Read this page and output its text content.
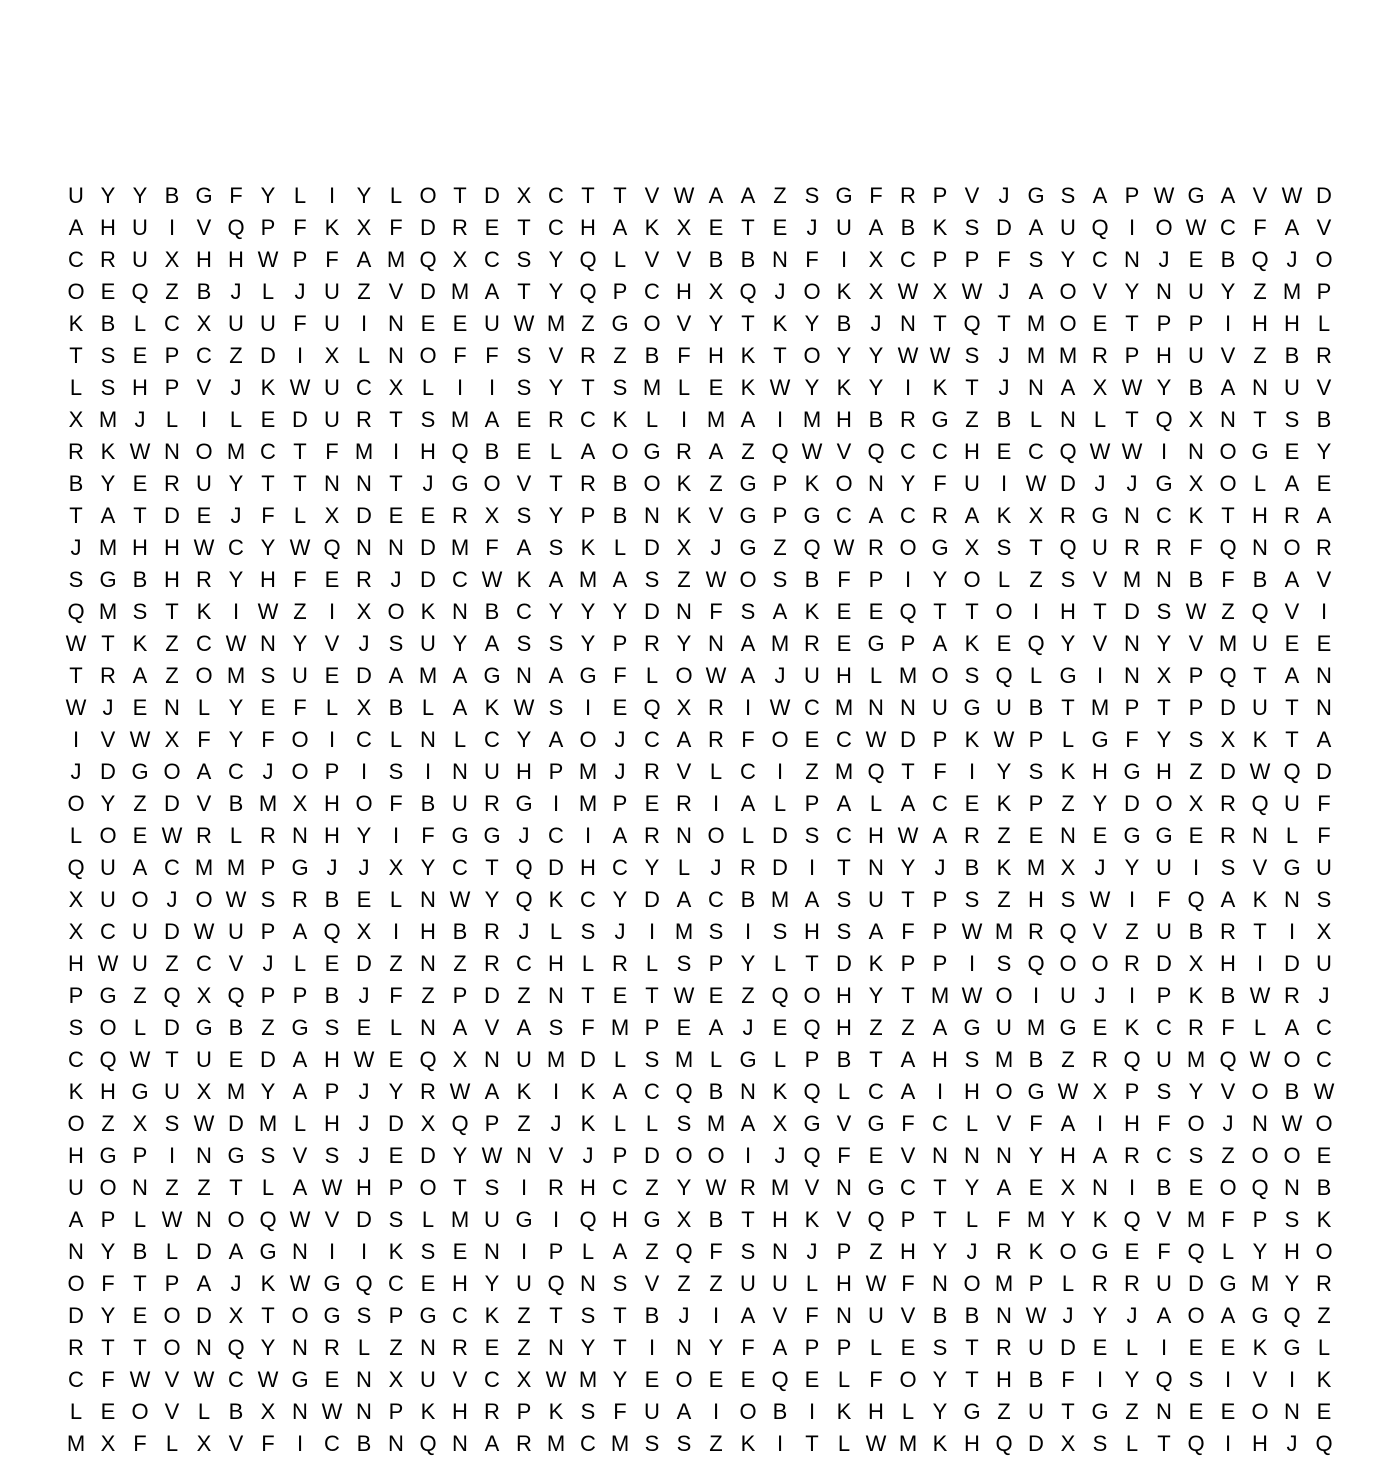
U Y Y B G F Y L	I Y L O T D X C T T V W A A Z S G F R P V J G S A P W G A V W D
A H U I V Q P F K X F D R E T C H A K X E T E J U A B K S D A U Q I O W C F A V
C R U X H H W P F A M Q X C S Y Q L V V B B N F	I X C P P F S Y C N J E B Q J O
O E Q Z B J L J U Z V D M A T Y Q P C H X Q J O K X W X W J A O V Y N U Y Z M P
K B L C X U U F U I N E E U W M Z G O V Y T K Y B J N T Q T M O E T P P I H H L
T S E P C Z D I X L N O F F S V R Z B F H K T O Y Y W W S J M M R P H U V Z B R
L S H P V J K W U C X L	I	I S Y T S M L E K W Y K Y I K T J N A X W Y B A N U V
X M J L	I	L E D U R T S M A E R C K L	I M A I M H B R G Z B L N L T Q X N T S B
R K W N O M C T F M I H Q B E L A O G R A Z Q W V Q C C H E C Q W W I N O G E Y
B Y E R U Y T T N N T J G O V T R B O K Z G P K O N Y F U I W D J J G X O L A E
T A T D E J F L X D E E R X S Y P B N K V G P G C A C R A K X R G N C K T H R A
J M H H W C Y W Q N N D M F A S K L D X J G Z Q W R O G X S T Q U R R F Q N O R
S G B H R Y H F E R J D C W K A M A S Z W O S B F P I Y O L Z S V M N B F B A V
Q M S T K I W Z	I X O K N B C Y Y Y D N F S A K E E Q T T O I H T D S W Z Q V I
W T K Z C W N Y V J S U Y A S S Y P R Y N A M R E G P A K E Q Y V N Y V M U E E
T R A Z O M S U E D A M A G N A G F L O W A J U H L M O S Q L G I N X P Q T A N
W J E N L Y E F L X B L A K W S I E Q X R I W C M N N U G U B T M P T P D U T N
I V W X F Y F O I C L N L C Y A O J C A R F O E C W D P K W P L G F Y S X K T A
J D G O A C J O P I S I N U H P M J R V L C I	Z M Q T F	I Y S K H G H Z D W Q D
O Y Z D V B M X H O F B U R G I M P E R I A L P A L A C E K P Z Y D O X R Q U F
L O E W R L R N H Y I	F G G J C I A R N O L D S C H W A R Z E N E G G E R N L F
Q U A C M M P G J J X Y C T Q D H C Y L J R D I	T N Y J B K M X J Y U I S V G U
X U O J O W S R B E L N W Y Q K C Y D A C B M A S U T P S Z H S W I	F Q A K N S
X C U D W U P A Q X I H B R J L S J	I M S I S H S A F P W M R Q V Z U B R T	I X
H W U Z C V J L E D Z N Z R C H L R L S P Y L T D K P P I S Q O O R D X H I D U
P G Z Q X Q P P B J F Z P D Z N T E T W E Z Q O H Y T M W O I U J	I P K B W R J
S O L D G B Z G S E L N A V A S F M P E A J E Q H Z Z A G U M G E K C R F L A C
C Q W T U E D A H W E Q X N U M D L S M L G L P B T A H S M B Z R Q U M Q W O C
K H G U X M Y A P J Y R W A K I K A C Q B N K Q L C A I H O G W X P S Y V O B W
O Z X S W D M L H J D X Q P Z J K L L S M A X G V G F C L V F A I H F O J N W O
H G P I N G S V S J E D Y W N V J P D O O I	J Q F E V N N N Y H A R C S Z O O E
U O N Z Z T L A W H P O T S I R H C Z Y W R M V N G C T Y A E X N I B E O Q N B
A P L W N O Q W V D S L M U G I Q H G X B T H K V Q P T L F M Y K Q V M F P S K
N Y B L D A G N I	I K S E N I P L A Z Q F S N J P Z H Y J R K O G E F Q L Y H O
O F T P A J K W G Q C E H Y U Q N S V Z Z U U L H W F N O M P L R R U D G M Y R
D Y E O D X T O G S P G C K Z T S T B J	I A V F N U V B B N W J Y J A O A G Q Z
R T T O N Q Y N R L Z N R E Z N Y T	I N Y F A P P L E S T R U D E L	I E E K G L
C F W V W C W G E N X U V C X W M Y E O E E Q E L F O Y T H B F	I Y Q S I V I K
L E O V L B X N W N P K H R P K S F U A I O B I K H L Y G Z U T G Z N E E O N E
M X F L X V F	I C B N Q N A R M C M S S Z K I	T L W M K H Q D X S L T Q I H J Q
